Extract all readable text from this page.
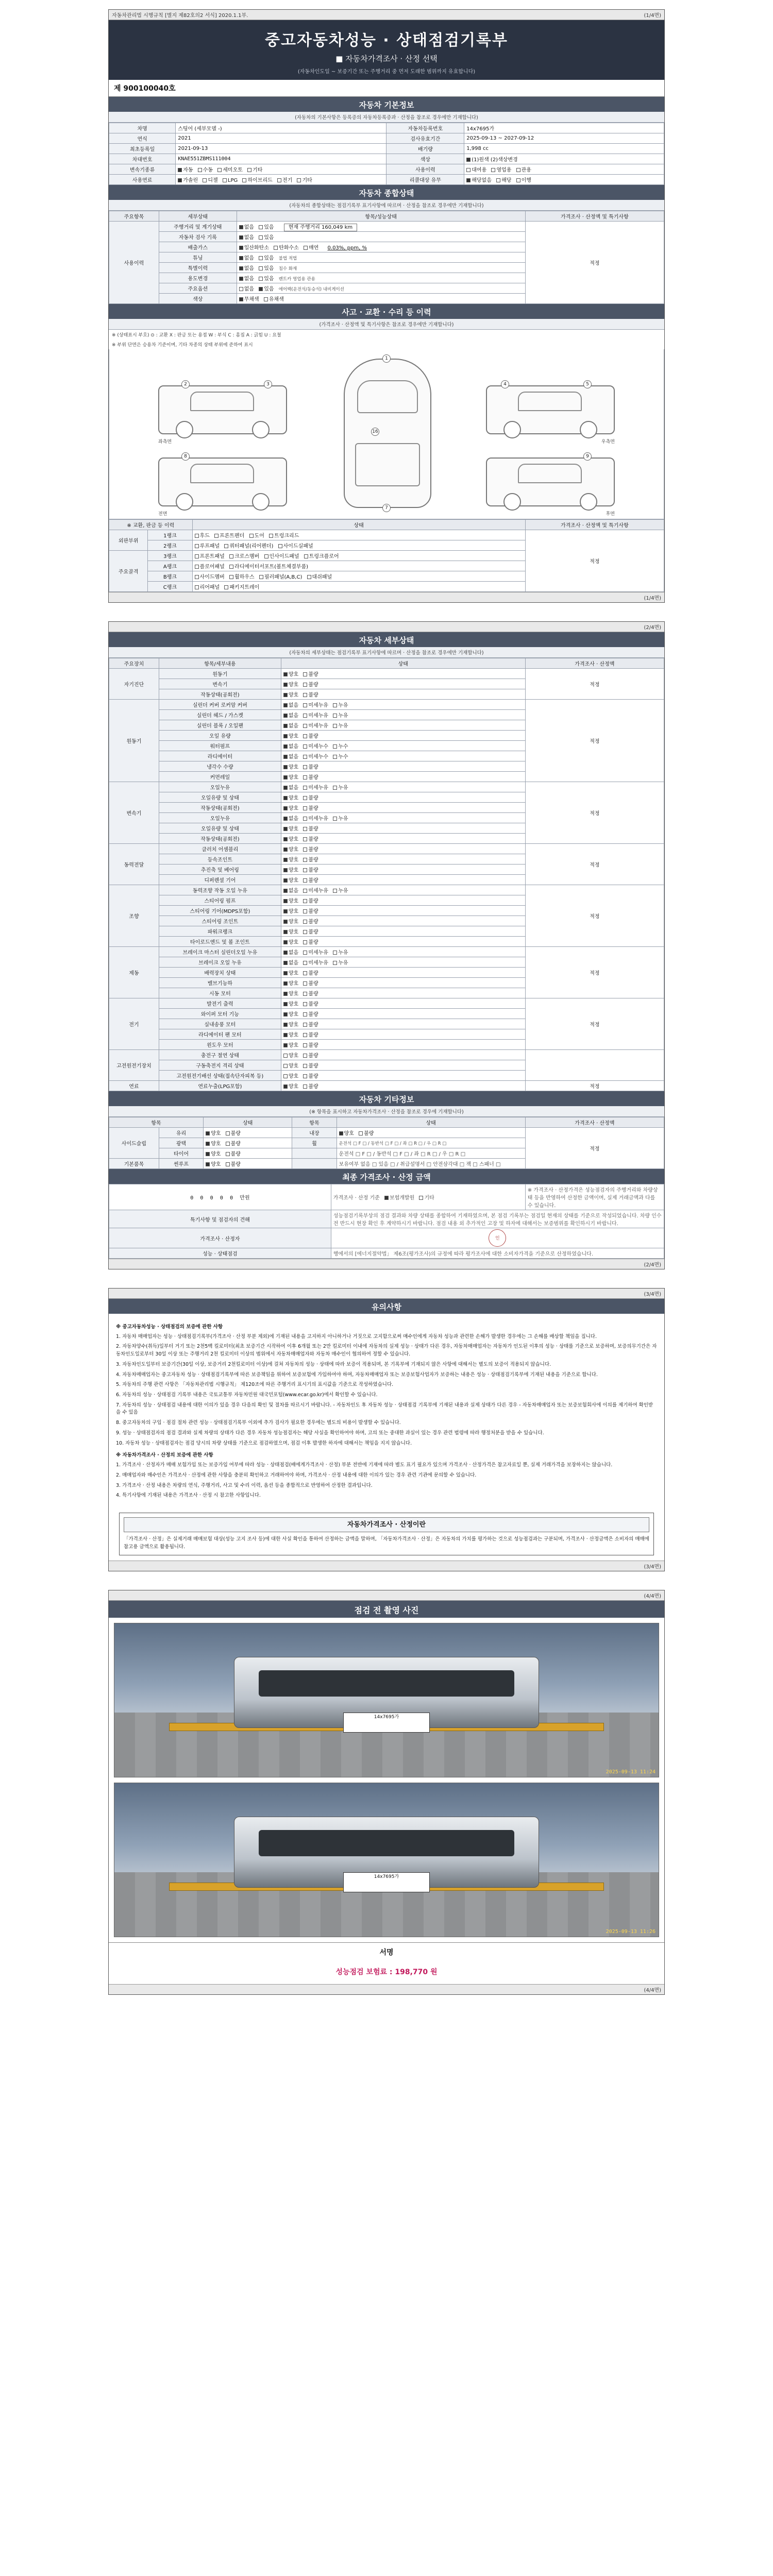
자동차관리법 시행규칙 [별지 제82호의2 서식] 2020.1.1부.	(1/4면)
중고자동차성능 · 상태점검기록부
■ 자동차가격조사 · 산정 선택
(자동차인도일 ~ 보증기간 또는 주행거리 중 먼저 도래한 범위까지 유효합니다)
제 900100040호
자동차 기본정보
(자동차의 기본사항은 등록증의 자동차등록증과 · 산정을 참조로 경우에만 기재합니다)
차명	스팅어 (세부모델 -)	자동차등록번호	14x7695가
연식	2021	검사유효기간	2025-09-13 ~ 2027-09-12
최초등록일	2021-09-13	배기량	1,998 cc
차대번호	KNAE551ZBMS111004	색상	(1)원색 (2)색상변경
변속기종류	자동 수동 세미오토 기타	사용이력	대여용 영업용 관용
사용연료	가솔린 디젤 LPG 하이브리드 전기 기타	리콜대상 유무	해당없음 해당 이행
자동차 종합상태
(자동차의 종합상태는 점검기록부 표기사항에 따르며 · 산정을 참조로 경우에만 기재합니다)
주요항목	세부상태	항목/성능상태	가격조사 · 산정액 및 특기사항
사용이력	주행거리 및 계기상태	없음 있음 현재 주행거리 160,049 km	적정
	자동차 검사 기록	없음 있음	
	배출가스	일산화탄소 탄화수소 매연 0.03%, ppm, %	
	튜닝	없음 있음 불법 적법	
	특별이력	없음 있음 침수 화재	
	용도변경	없음 있음 렌트카 영업용 관용	
	주요옵션	없음 있음 에어백(운전석/동승석) 내비게이션	
	색상	무채색 유채색	
사고 · 교환 · 수리 등 이력
(가격조사 · 산정액 및 특기사항은 참조로 경우에만 기재합니다)
※ (상태표시 부호) ⊙ : 교환 X : 판금 또는 용접 W : 부식 C : 흠집 A : 긁힘 U : 요철
※ 부위 단면은 승용차 기준이며, 기타 차종의 상태 부위에 준하여 표시
1
16
7
2	3	4	5
8	9
좌측면	우측면
전면	후면
※ 교환, 판금 등 이력		상태	가격조사 · 산정액 및 특기사항
외판부위	1랭크	후드 프론트펜더 도어 트렁크리드	적정
	2랭크	루프패널 쿼터패널(리어펜더) 사이드실패널	
주요골격	3랭크	프론트패널 크로스멤버 인사이드패널 트렁크플로어	
	A랭크	플로어패널 라디에이터서포트(볼트체결부품)	
	B랭크	사이드멤버 휠하우스 필러패널(A,B,C) 대쉬패널	
	C랭크	리어패널 패키지트레이	
(1/4면)
(2/4면)
자동차 세부상태
(자동차의 세부상태는 점검기록부 표기사항에 따르며 · 산정을 참조로 경우에만 기재합니다)
주요장치	항목/세부내용	상태	가격조사 · 산정액
자기진단	원동기	양호 불량	적정
	변속기	양호 불량	
	작동상태(공회전)	양호 불량	
원동기	실린더 커버 로커암 커버	없음 미세누유 누유	적정
	실린더 헤드 / 가스켓	없음 미세누유 누유	
	실린더 블록 / 오일팬	없음 미세누유 누유	
	오일 유량	양호 불량	
	워터펌프	없음 미세누수 누수	
	라디에이터	없음 미세누수 누수	
	냉각수 수량	양호 불량	
	커먼레일	양호 불량	
변속기	오일누유	없음 미세누유 누유	적정
	오일유량 및 상태	양호 불량	
	작동상태(공회전)	양호 불량	
	오일누유	없음 미세누유 누유	
	오일유량 및 상태	양호 불량	
	작동상태(공회전)	양호 불량	
동력전달	클러치 어셈블리	양호 불량	적정
	등속조인트	양호 불량	
	추진축 및 베어링	양호 불량	
	디퍼렌셜 기어	양호 불량	
조향	동력조향 작동 오일 누유	없음 미세누유 누유	적정
	스티어링 펌프	양호 불량	
	스티어링 기어(MDPS포함)	양호 불량	
	스티어링 조인트	양호 불량	
	파워크랭크	양호 불량	
	타이로드엔드 및 볼 조인트	양호 불량	
제동	브레이크 마스터 실린더오일 누유	없음 미세누유 누유	적정
	브레이크 오일 누유	없음 미세누유 누유	
	배력장치 상태	양호 불량	
	밸브기능하	양호 불량	
	시동 모터	양호 불량	
전기	발전기 출력	양호 불량	적정
	와이퍼 모터 기능	양호 불량	
	실내송풍 모터	양호 불량	
	라디에이터 팬 모터	양호 불량	
	윈도우 모터	양호 불량	
고전원전기장치	충전구 절연 상태	양호 불량	
	구동축전지 격리 상태	양호 불량	
	고전원전기배선 상태(접속단자피복 등)	양호 불량	
연료	연료누출(LPG포함)	양호 불량	적정
자동차 기타정보
(※ 항목을 표시하고 자동차가격조사 · 산정을 참조로 경우에 기재합니다)
항목		상태	항목	상태	가격조사 · 산정액
사이드슬립	유리	양호 불량	내장	양호 불량	적정
	광택	양호 불량	휠	운전석 □ F □ / 동반석 □ F □ / 좌 □ R □ / 우 □ R □	
	타이어	양호 불량		운전석 □ F □ / 동반석 □ F □ / 좌 □ R □ / 우 □ R □	
기본품목	썬루프	양호 불량		보유여부 없음 □ 있음 □ / 취급설명서 □ 안전삼각대 □ 잭 □ 스패너 □	
최종 가격조사 · 산정 금액
0 0 0 0 0 만원	가격조사 · 산정 기준 보험개발원 기타	※ 가격조사 · 산정가격은 성능점검자의 주행거리와 차량상태 등을 반영하여 산정한 금액이며, 실제 거래금액과 다를 수 있습니다.
특기사항 및 점검자의 견해	성능점검기록부상의 점검 결과와 차량 상태를 종합하여 기재하였으며, 본 점검 기록부는 점검일 현재의 상태를 기준으로 작성되었습니다. 차량 인수 전 반드시 현장 확인 후 계약하시기 바랍니다. 점검 내용 외 추가적인 고장 및 하자에 대해서는 보증범위를 확인하시기 바랍니다.	
가격조사 · 산정자	인	
성능 · 상태점검	행에서의 [에너지절약법」 제6조(평가조사)의 규정에 따라 평가조사에 대한 소비자가격을 기준으로 산정하였습니다.	
(2/4면)
(3/4면)
유의사항
※ 중고자동차성능 · 상태점검의 보증에 관한 사항

1. 자동차 매매업자는 성능 · 상태점검기록부(가격조사 · 산정 부분 제외)에 기재된 내용을 고지하지 아니하거나 거짓으로 고지함으로써 매수인에게 자동차 성능과 관련한 손해가 발생한 경우에는 그 손해를 배상할 책임을 집니다.

2. 자동차양수(취득)일부터 거기 또는 2천5백 킬로미터(최초 보증기간 시작하여 이후 6개월 또는 2만 킬로미터 이내에 자동차의 실제 성능 · 상태가 다른 경우, 자동차매매업자는 자동차가 인도된 이후의 성능 · 상태를 기준으로 보증하며, 보증의무기간은 자동차인도일로부터 30일 이상 또는 주행거리 2천 킬로미터 이상의 범위에서 자동차매매업자와 자동차 매수인이 협의하여 정할 수 있습니다.

3. 자동차인도일부터 보증기간(30일 이상, 보증거리 2천킬로미터 이상)에 걸쳐 자동차의 성능 · 상태에 따라 보증이 적용되며, 본 기록부에 기재되지 않은 사항에 대해서는 별도의 보증이 적용되지 않습니다.

4. 자동차매매업자는 중고자동차 성능 · 상태점검기록부에 따른 보증책임을 위하여 보증보험에 가입하여야 하며, 자동차매매업자 또는 보증보험사업자가 보증하는 내용은 성능 · 상태점검기록부에 기재된 내용을 기준으로 합니다.

5. 자동차의 주행 관련 사항은 「자동차관리법 시행규칙」 제120조에 따른 주행거리 표시기의 표시값을 기준으로 작성하였습니다.

6. 자동차의 성능 · 상태점검 기록부 내용은 국토교통부 자동차민원 대국민포털(www.ecar.go.kr)에서 확인할 수 있습니다.

7. 자동차의 성능 · 상태점검 내용에 대한 이의가 있을 경우 다음의 확인 및 절차를 따르시기 바랍니다. - 자동차인도 후 자동차 성능 · 상태점검 기록부에 기재된 내용과 실제 상태가 다른 경우 - 자동차매매업자 또는 보증보험회사에 이의를 제기하여 확인받을 수 있음

8. 중고자동차의 구입 · 점검 절차 관련 성능 · 상태점검기록부 이외에 추가 검사가 필요한 경우에는 별도의 비용이 발생할 수 있습니다.

9. 성능 · 상태점검자의 점검 결과와 실제 차량의 상태가 다른 경우 자동차 성능점검자는 해당 사실을 확인하여야 하며, 고의 또는 중대한 과실이 있는 경우 관련 법령에 따라 행정처분을 받을 수 있습니다.

10. 자동차 성능 · 상태점검자는 점검 당시의 차량 상태를 기준으로 점검하였으며, 점검 이후 발생한 하자에 대해서는 책임을 지지 않습니다.

※ 자동차가격조사 · 산정의 보증에 관한 사항

1. 가격조사 · 산정자가 매매 보험가입 또는 보증가입 여부에 따라 성능 · 상태점검(배에게가격조사 · 산정) 부분 전반에 기재에 따라 별도 표기 필요가 있으며 가격조사 · 산정가격은 참고자료일 뿐, 실제 거래가격을 보장하지는 않습니다.

2. 매매업자와 매수인은 가격조사 · 산정에 관한 사항을 충분히 확인하고 거래하여야 하며, 가격조사 · 산정 내용에 대한 이의가 있는 경우 관련 기관에 문의할 수 있습니다.

3. 가격조사 · 산정 내용은 차량의 연식, 주행거리, 사고 및 수리 이력, 옵션 등을 종합적으로 반영하여 산정한 결과입니다.

4. 특기사항에 기재된 내용은 가격조사 · 산정 시 참고한 사항입니다.

자동차가격조사 · 산정이란
「가격조사 · 산정」은 실제거래 매매보험 대상(성능 고지 조사 등)에 대한 사실 확인을 통하여 산정하는 금액을 말하며, 「자동차가격조사 · 산정」은 자동차의 가치를 평가하는 것으로 성능점검과는 구분되며, 가격조사 · 산정금액은 소비자의 매매에 참고용 금액으로 활용됩니다.
(3/4면)
(4/4면)
점검 전 촬영 사진
14x7695가
2025-09-13 11:24
14x7695가
2025-09-13 11:26
서명
성능점검 보험료 : 198,770 원
(4/4면)
